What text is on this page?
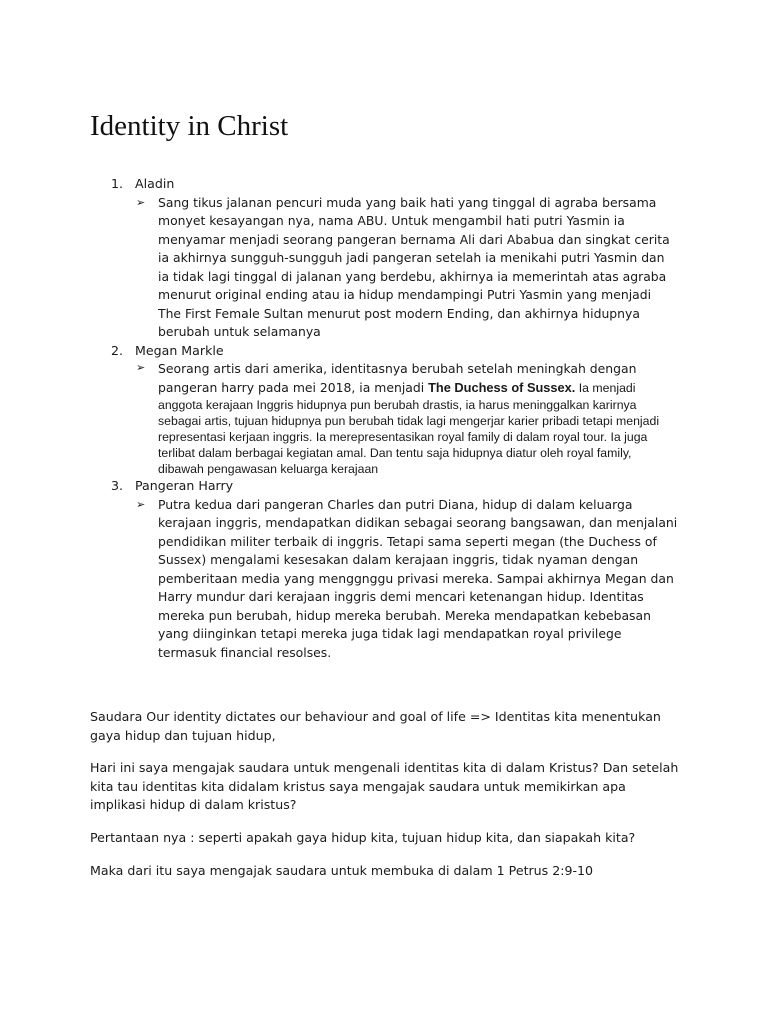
Identity in Christ
1. Aladin
➢ Sang tikus jalanan pencuri muda yang baik hati yang tinggal di agraba bersama monyet kesayangan nya, nama ABU. Untuk mengambil hati putri Yasmin ia menyamar menjadi seorang pangeran bernama Ali dari Ababua dan singkat cerita ia akhirnya sungguh-sungguh jadi pangeran setelah ia menikahi putri Yasmin dan ia tidak lagi tinggal di jalanan yang berdebu, akhirnya ia memerintah atas agraba menurut original ending atau ia hidup mendampingi Putri Yasmin yang menjadi The First Female Sultan menurut post modern Ending, dan akhirnya hidupnya berubah untuk selamanya
2. Megan Markle
➢ Seorang artis dari amerika, identitasnya berubah setelah meningkah dengan pangeran harry pada mei 2018, ia menjadi The Duchess of Sussex. Ia menjadi anggota kerajaan Inggris hidupnya pun berubah drastis, ia harus meninggalkan karirnya sebagai artis, tujuan hidupnya pun berubah tidak lagi mengerjar karier pribadi tetapi menjadi representasi kerjaan inggris. Ia merepresentasikan royal family di dalam royal tour. Ia juga terlibat dalam berbagai kegiatan amal. Dan tentu saja hidupnya diatur oleh royal family, dibawah pengawasan keluarga kerajaan
3. Pangeran Harry
➢ Putra kedua dari pangeran Charles dan putri Diana, hidup di dalam keluarga kerajaan inggris, mendapatkan didikan sebagai seorang bangsawan, dan menjalani pendidikan militer terbaik di inggris. Tetapi sama seperti megan (the Duchess of Sussex) mengalami kesesakan dalam kerajaan inggris, tidak nyaman dengan pemberitaan media yang menggnggu privasi mereka. Sampai akhirnya Megan dan Harry mundur dari kerajaan inggris demi mencari ketenangan hidup. Identitas mereka pun berubah, hidup mereka berubah. Mereka mendapatkan kebebasan yang diinginkan tetapi mereka juga tidak lagi mendapatkan royal privilege termasuk financial resolses.

Saudara Our identity dictates our behaviour and goal of life => Identitas kita menentukan gaya hidup dan tujuan hidup,

Hari ini saya mengajak saudara untuk mengenali identitas kita di dalam Kristus? Dan setelah kita tau identitas kita didalam kristus saya mengajak saudara untuk memikirkan apa implikasi hidup di dalam kristus?

Pertantaan nya : seperti apakah gaya hidup kita, tujuan hidup kita, dan siapakah kita?

Maka dari itu saya mengajak saudara untuk membuka di dalam 1 Petrus 2:9-10
